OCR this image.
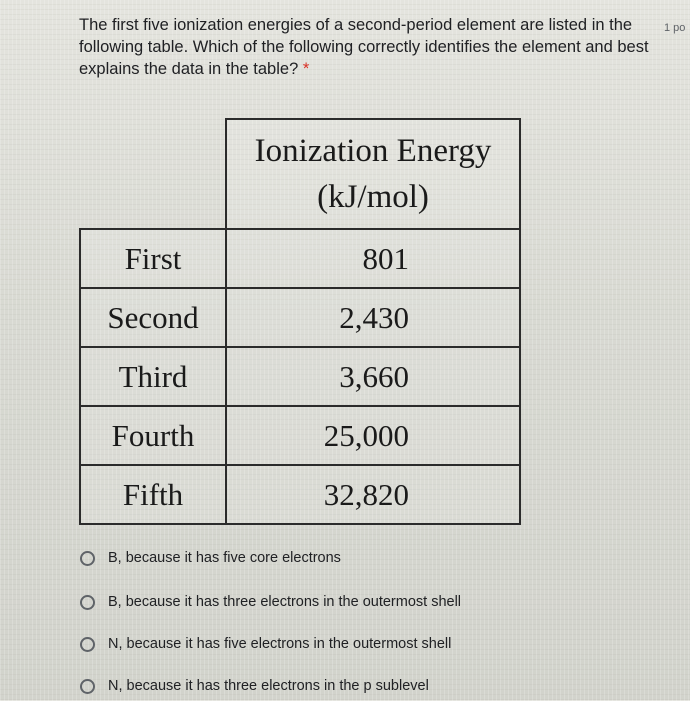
The first five ionization energies of a second-period element are listed in the following table. Which of the following correctly identifies the element and best explains the data in the table? *
1 po

	Ionization Energy
(kJ/mol)

First	801
Second	2,430
Third	3,660
Fourth	25,000
Fifth	32,820
B, because it has five core electrons
B, because it has three electrons in the outermost shell
N, because it has five electrons in the outermost shell
N, because it has three electrons in the p sublevel
